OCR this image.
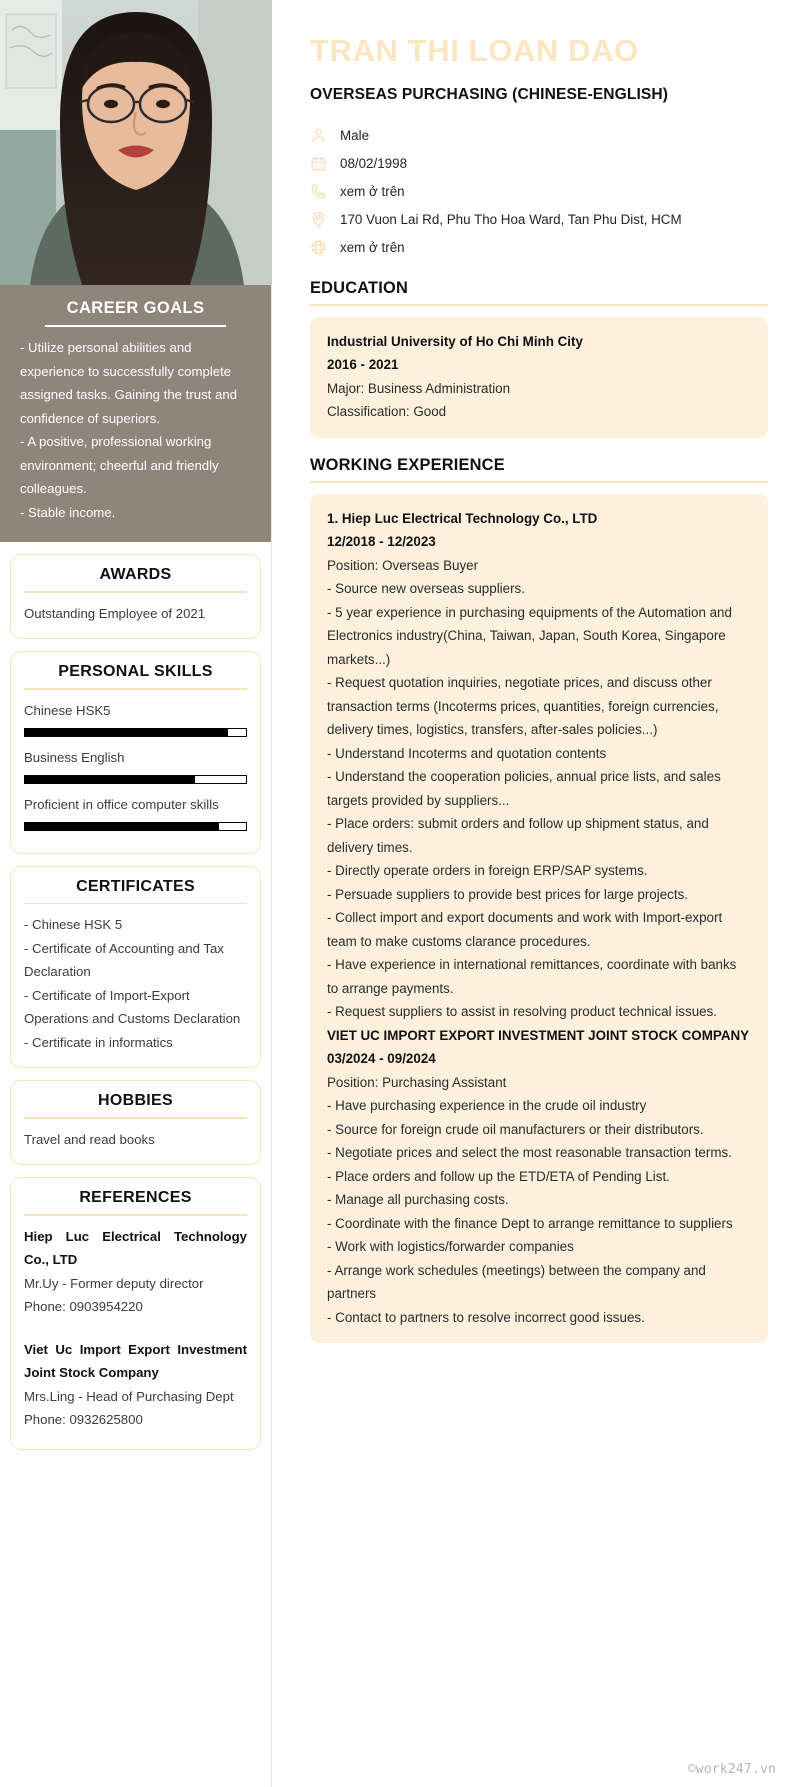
CAREER GOALS

- Utilize personal abilities and experience to successfully complete assigned tasks. Gaining the trust and confidence of superiors.

- A positive, professional working environment; cheerful and friendly colleagues.

- Stable income.

AWARDS

Outstanding Employee of 2021

PERSONAL SKILLS
Chinese HSK5
Business English
Proficient in office computer skills
CERTIFICATES

- Chinese HSK 5

- Certificate of Accounting and Tax Declaration

- Certificate of Import-Export Operations and Customs Declaration

- Certificate in informatics

HOBBIES

Travel and read books

REFERENCES
Hiep Luc Electrical Technology Co., LTD
Mr.Uy - Former deputy director
Phone: 0903954220
Viet Uc Import Export Investment Joint Stock Company
Mrs.Ling - Head of Purchasing Dept
Phone: 0932625800
TRAN THI LOAN DAO
OVERSEAS PURCHASING (CHINESE-ENGLISH)
Male
08/02/1998
xem ở trên
170 Vuon Lai Rd, Phu Tho Hoa Ward, Tan Phu Dist, HCM
xem ở trên
EDUCATION

Industrial University of Ho Chi Minh City

2016 - 2021

Major: Business Administration

Classification: Good

WORKING EXPERIENCE

1. Hiep Luc Electrical Technology Co., LTD

12/2018 - 12/2023

Position: Overseas Buyer

- Source new overseas suppliers.

- 5 year experience in purchasing equipments of the Automation and Electronics industry(China, Taiwan, Japan, South Korea, Singapore markets...)

- Request quotation inquiries, negotiate prices, and discuss other transaction terms (Incoterms prices, quantities, foreign currencies, delivery times, logistics, transfers, after-sales policies...)

- Understand Incoterms and quotation contents

- Understand the cooperation policies, annual price lists, and sales targets provided by suppliers...

- Place orders: submit orders and follow up shipment status, and delivery times.

- Directly operate orders in foreign ERP/SAP systems.

- Persuade suppliers to provide best prices for large projects.

- Collect import and export documents and work with Import-export team to make customs clarance procedures.

- Have experience in international remittances, coordinate with banks to arrange payments.

- Request suppliers to assist in resolving product technical issues.

VIET UC IMPORT EXPORT INVESTMENT JOINT STOCK COMPANY

03/2024 - 09/2024

Position: Purchasing Assistant

- Have purchasing experience in the crude oil industry

- Source for foreign crude oil manufacturers or their distributors.

- Negotiate prices and select the most reasonable transaction terms.

- Place orders and follow up the ETD/ETA of Pending List.

- Manage all purchasing costs.

- Coordinate with the finance Dept to arrange remittance to suppliers

- Work with logistics/forwarder companies

- Arrange work schedules (meetings) between the company and partners

- Contact to partners to resolve incorrect good issues.

©work247.vn
